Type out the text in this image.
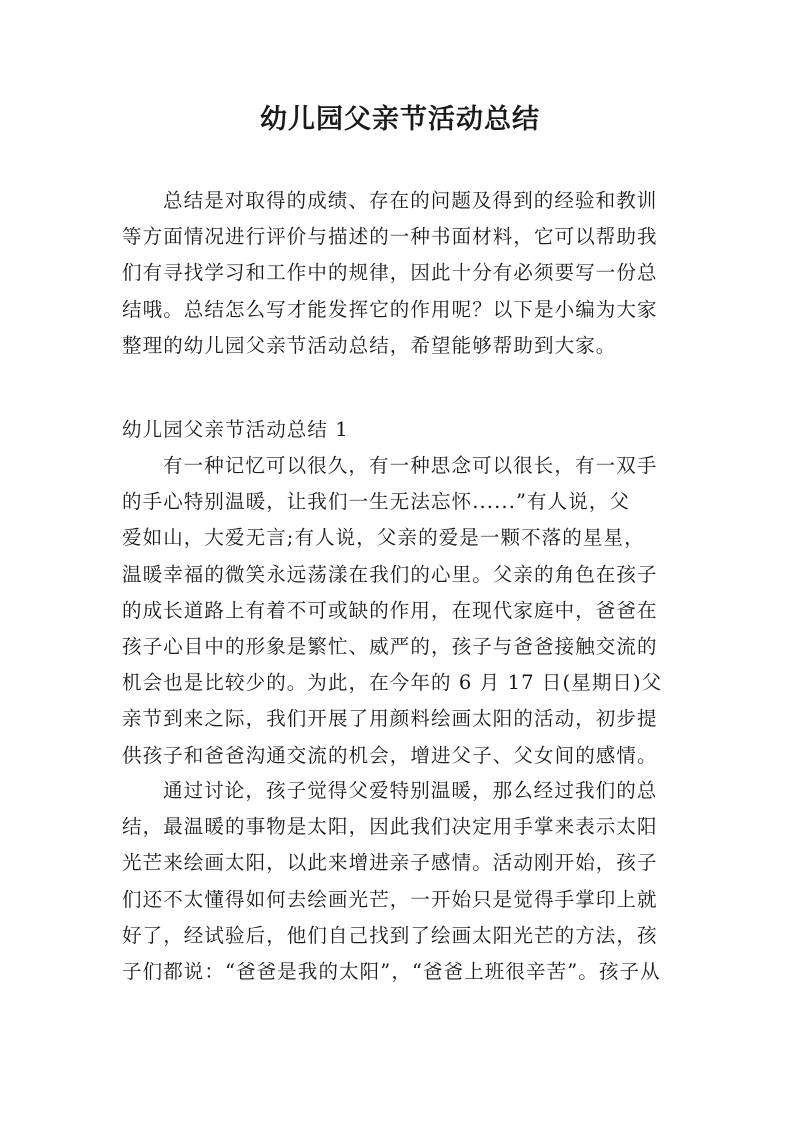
幼儿园父亲节活动总结
总结是对取得的成绩、存在的问题及得到的经验和教训
等方面情况进行评价与描述的一种书面材料，它可以帮助我
们有寻找学习和工作中的规律，因此十分有必须要写一份总
结哦。总结怎么写才能发挥它的作用呢？以下是小编为大家
整理的幼儿园父亲节活动总结，希望能够帮助到大家。
幼儿园父亲节活动总结 1
有一种记忆可以很久，有一种思念可以很长，有一双手
的手心特别温暖，让我们一生无法忘怀......”有人说，父
爱如山，大爱无言;有人说，父亲的爱是一颗不落的星星，
温暖幸福的微笑永远荡漾在我们的心里。父亲的角色在孩子
的成长道路上有着不可或缺的作用，在现代家庭中，爸爸在
孩子心目中的形象是繁忙、威严的，孩子与爸爸接触交流的
机会也是比较少的。为此，在今年的 6 月 17 日(星期日)父
亲节到来之际，我们开展了用颜料绘画太阳的活动，初步提
供孩子和爸爸沟通交流的机会，增进父子、父女间的感情。
通过讨论，孩子觉得父爱特别温暖，那么经过我们的总
结，最温暖的事物是太阳，因此我们决定用手掌来表示太阳
光芒来绘画太阳，以此来增进亲子感情。活动刚开始，孩子
们还不太懂得如何去绘画光芒，一开始只是觉得手掌印上就
好了，经试验后，他们自己找到了绘画太阳光芒的方法，孩
子们都说：“爸爸是我的太阳”，“爸爸上班很辛苦”。孩子从
